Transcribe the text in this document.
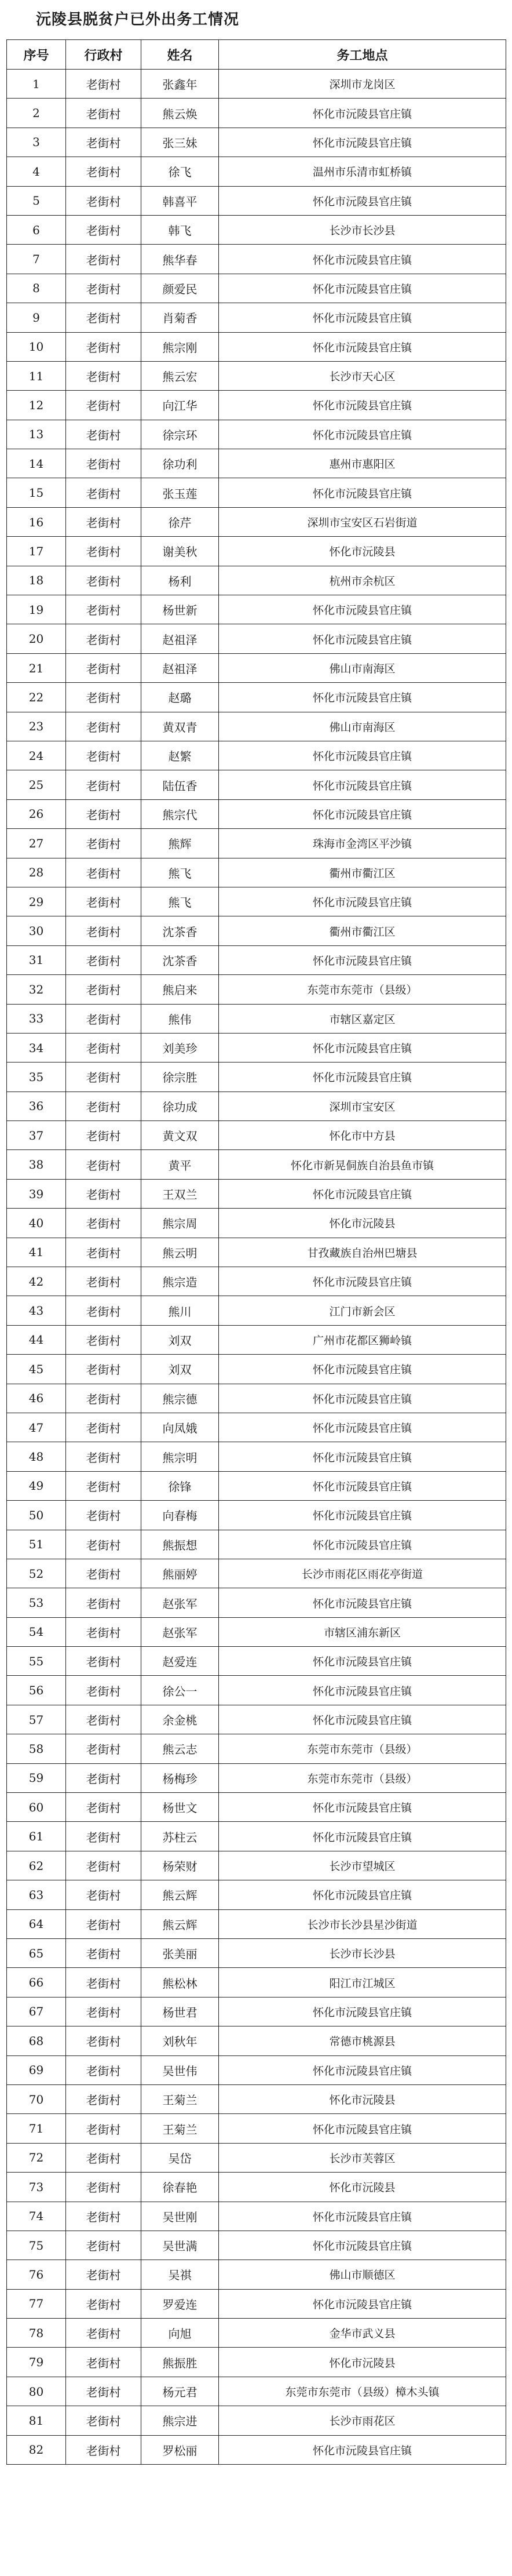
沅陵县脱贫户已外出务工情况
序号	行政村	姓名	务工地点
1	老街村	张鑫年	深圳市龙岗区
2	老街村	熊云焕	怀化市沅陵县官庄镇
3	老街村	张三妹	怀化市沅陵县官庄镇
4	老街村	徐飞	温州市乐清市虹桥镇
5	老街村	韩喜平	怀化市沅陵县官庄镇
6	老街村	韩飞	长沙市长沙县
7	老街村	熊华春	怀化市沅陵县官庄镇
8	老街村	颜爱民	怀化市沅陵县官庄镇
9	老街村	肖菊香	怀化市沅陵县官庄镇
10	老街村	熊宗刚	怀化市沅陵县官庄镇
11	老街村	熊云宏	长沙市天心区
12	老街村	向江华	怀化市沅陵县官庄镇
13	老街村	徐宗环	怀化市沅陵县官庄镇
14	老街村	徐功利	惠州市惠阳区
15	老街村	张玉莲	怀化市沅陵县官庄镇
16	老街村	徐芹	深圳市宝安区石岩街道
17	老街村	谢美秋	怀化市沅陵县
18	老街村	杨利	杭州市余杭区
19	老街村	杨世新	怀化市沅陵县官庄镇
20	老街村	赵祖泽	怀化市沅陵县官庄镇
21	老街村	赵祖泽	佛山市南海区
22	老街村	赵璐	怀化市沅陵县官庄镇
23	老街村	黄双青	佛山市南海区
24	老街村	赵繁	怀化市沅陵县官庄镇
25	老街村	陆伍香	怀化市沅陵县官庄镇
26	老街村	熊宗代	怀化市沅陵县官庄镇
27	老街村	熊辉	珠海市金湾区平沙镇
28	老街村	熊飞	衢州市衢江区
29	老街村	熊飞	怀化市沅陵县官庄镇
30	老街村	沈茶香	衢州市衢江区
31	老街村	沈茶香	怀化市沅陵县官庄镇
32	老街村	熊启来	东莞市东莞市（县级）
33	老街村	熊伟	市辖区嘉定区
34	老街村	刘美珍	怀化市沅陵县官庄镇
35	老街村	徐宗胜	怀化市沅陵县官庄镇
36	老街村	徐功成	深圳市宝安区
37	老街村	黄文双	怀化市中方县
38	老街村	黄平	怀化市新晃侗族自治县鱼市镇
39	老街村	王双兰	怀化市沅陵县官庄镇
40	老街村	熊宗周	怀化市沅陵县
41	老街村	熊云明	甘孜藏族自治州巴塘县
42	老街村	熊宗造	怀化市沅陵县官庄镇
43	老街村	熊川	江门市新会区
44	老街村	刘双	广州市花都区狮岭镇
45	老街村	刘双	怀化市沅陵县官庄镇
46	老街村	熊宗德	怀化市沅陵县官庄镇
47	老街村	向凤娥	怀化市沅陵县官庄镇
48	老街村	熊宗明	怀化市沅陵县官庄镇
49	老街村	徐锋	怀化市沅陵县官庄镇
50	老街村	向春梅	怀化市沅陵县官庄镇
51	老街村	熊振想	怀化市沅陵县官庄镇
52	老街村	熊丽婷	长沙市雨花区雨花亭街道
53	老街村	赵张军	怀化市沅陵县官庄镇
54	老街村	赵张军	市辖区浦东新区
55	老街村	赵爱连	怀化市沅陵县官庄镇
56	老街村	徐公一	怀化市沅陵县官庄镇
57	老街村	余金桃	怀化市沅陵县官庄镇
58	老街村	熊云志	东莞市东莞市（县级）
59	老街村	杨梅珍	东莞市东莞市（县级）
60	老街村	杨世文	怀化市沅陵县官庄镇
61	老街村	苏柱云	怀化市沅陵县官庄镇
62	老街村	杨荣财	长沙市望城区
63	老街村	熊云辉	怀化市沅陵县官庄镇
64	老街村	熊云辉	长沙市长沙县星沙街道
65	老街村	张美丽	长沙市长沙县
66	老街村	熊松林	阳江市江城区
67	老街村	杨世君	怀化市沅陵县官庄镇
68	老街村	刘秋年	常德市桃源县
69	老街村	吴世伟	怀化市沅陵县官庄镇
70	老街村	王菊兰	怀化市沅陵县
71	老街村	王菊兰	怀化市沅陵县官庄镇
72	老街村	吴岱	长沙市芙蓉区
73	老街村	徐春艳	怀化市沅陵县
74	老街村	吴世刚	怀化市沅陵县官庄镇
75	老街村	吴世满	怀化市沅陵县官庄镇
76	老街村	吴祺	佛山市顺德区
77	老街村	罗爱连	怀化市沅陵县官庄镇
78	老街村	向旭	金华市武义县
79	老街村	熊振胜	怀化市沅陵县
80	老街村	杨元君	东莞市东莞市（县级）樟木头镇
81	老街村	熊宗进	长沙市雨花区
82	老街村	罗松丽	怀化市沅陵县官庄镇
